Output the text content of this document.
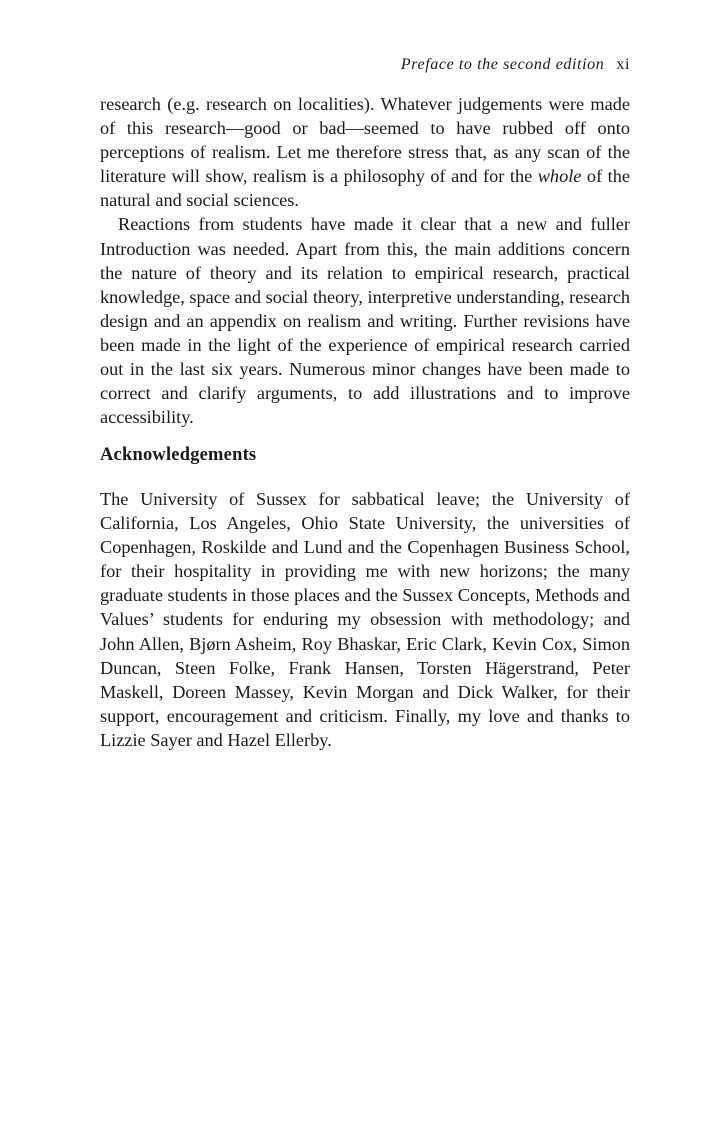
Preface to the second edition xi

research (e.g. research on localities). Whatever judgements were made of this research—good or bad—seemed to have rubbed off onto perceptions of realism. Let me therefore stress that, as any scan of the literature will show, realism is a philosophy of and for the whole of the natural and social sciences.

Reactions from students have made it clear that a new and fuller Introduction was needed. Apart from this, the main additions concern the nature of theory and its relation to empirical research, practical knowledge, space and social theory, interpretive understanding, research design and an appendix on realism and writing. Further revisions have been made in the light of the experience of empirical research carried out in the last six years. Numerous minor changes have been made to correct and clarify arguments, to add illustrations and to improve accessibility.

Acknowledgements

The University of Sussex for sabbatical leave; the University of California, Los Angeles, Ohio State University, the universities of Copenhagen, Roskilde and Lund and the Copenhagen Business School, for their hospitality in providing me with new horizons; the many graduate students in those places and the Sussex Concepts, Methods and Values’ students for enduring my obsession with methodology; and John Allen, Bjørn Asheim, Roy Bhaskar, Eric Clark, Kevin Cox, Simon Duncan, Steen Folke, Frank Hansen, Torsten Hägerstrand, Peter Maskell, Doreen Massey, Kevin Morgan and Dick Walker, for their support, encouragement and criticism. Finally, my love and thanks to Lizzie Sayer and Hazel Ellerby.
